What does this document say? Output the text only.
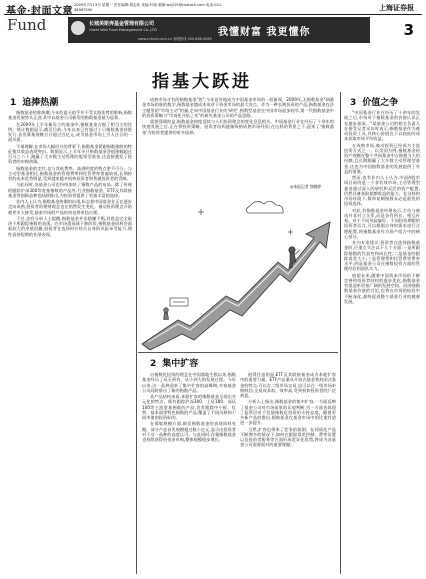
基金·封面文章
Fund
2009年7月13日 星期一 责任编辑:胡志松 美编:叶纯 邮箱:wq315@cnstock.com 电话:021-38967590	上海证券报
3
长城美斯奔基金管理有限公司
Great Wall Fund Management Co.,LTD	我懂财富 我更懂你
www.ccfund.com.cn 客服热线 400-666-0066
指基大跃进
1 追捧热潮

指数基金的称热潮,今年的夏天似乎并不受太阳炙烤的影响,指数基金发展势头正劲,其中以基金公司新发的指数基金最为显著。

在2009年上半年新设立的基金中,指数基金占据了相当大的比例。统计数据显示,截至目前,今年以来已有超过十只指数基金获批发行,首发募集规模合计超过百亿元,成为基金市场上引人注目的一道风景。

不难理解,在市场大幅回升的背景下,指数基金紧跟指数涨跌的特征使其收益表现突出。数据显示,上半年多只指数基金净值涨幅超过百分之六十,跑赢了大多数主动管理的股票型基金,这直接激发了投资者的申购热情。

指数基金的走红,也与其低费率、高透明度的特点密不可分。与主动型基金相比,指数基金的管理费率和托管费率普遍较低,长期持有的成本优势明显,受到越来越多机构投资者和普通投资者的青睐。

与此同时,各基金公司也纷纷加快了指数产品的布局。除了传统的跟踪沪深300等宽基指数的产品外,行业指数基金、ETF及其联接基金等创新品种也陆续推出,为投资者提供了更加丰富的选择。

业内人士认为,指数基金热潮的出现,标志着中国基金业正在逐步走向成熟,投资者的理财观念也在悄然发生变化。被动投资理念开始被更多人接受,基金市场的产品结构也将更趋合理。

不过,也有分析人士提醒,指数基金并非稳赚不赔,其收益完全取决于所跟踪指数的表现。在市场震荡或下跌阶段,指数基金同样会面临较大的净值回撤,投资者在选择时应结合自身的风险承受能力,理性看待短期的业绩表现。

成熟市场才有的指数基金"热",今年意外地成为中国基金市场的一桩新闻。2009年,无指数基金"网基金市场的谁的数学,指数基金越成本低对于资金市场的最大亮点。作为一种长期投资的产品,指数基金在法主题里的"市场主动"的量,走向中国基金行业的'研究',指数型基金在中国市场起步较早,第一代指数基金中的投资策略与"市场化开拓之年"的研究基金公司的产品思路。

需要强调的是,指数基金热度延续与人们投资理念的变化息息相关。中国基金行业在经历了十余年的快速发展之后,正在将投资策略、投资者结构逐渐吸纳成熟市场经验;在这样的背景之下,迎来了'指数基金'为投资者提供的更多选择。

◎本报记者 徐婉婷
2 集中扩容

自指数化投资的理念在中国落地生根以来,指数基金经历了从无到有、从小到大的发展过程。今年以来,这一品种迎来了集中扩容的高峰期,多家基金公司同时推出了新的指数产品。

从产品结构来看,本轮扩容的指数基金呈现出多元化的特点。既有跟踪沪深300、上证180、深证100等主流宽基指数的产品,也有跟踪中小板、红利、基本面等特色指数的产品,覆盖了不同风格和不同市值的投资标的。

在募集规模方面,新发指数基金的表现同样亮眼。部分产品首发规模超过数十亿元,显示出投资者对于这一品种的高度认可。与此同时,存量指数基金也持续获得资金净申购,整体规模稳步增长。

值得注意的是,ETF及其联接基金成为本轮扩容中的重要力量。ETF产品兼具开放式基金和封闭式基金的特点,可以在二级市场交易,也可以在一级市场申购赎回,交易成本低、效率高,受到机构投资者的广泛欢迎。

分析人士指出,指数基金的集中扩容,一方面反映了基金公司对市场前景的乐观判断,另一方面也体现了监管层对于发展指数化投资的支持态度。随着更多新产品的推出,指数基金在基金市场中的比重有望进一步提升。

当然,扩容也带来了竞争的加剧。在同质化产品不断增多的情况下,如何在跟踪误差控制、费率设置以及投资者服务等方面形成差异化优势,将成为各基金公司需要面对的重要课题。

3 价值之争

"中国基金行业在经历了十余年的发展之后,市场对于指数基金的价值认识正在逐步加深。"某基金公司的相关负责人在接受记者采访时表示,指数基金作为被动投资工具,其核心价值在于以较低的成本获取市场平均收益。

在成熟市场,被动投资已经成为主流投资方式之一。以美国为例,指数基金的资产规模在整个共同基金中占据相当大的份额,且长期跑赢了大多数主动管理型基金,这也为中国指数基金的发展提供了有益的借鉴。

然而,也有业内人士认为,中国A股市场目前仍是一个非有效市场,主动管理型基金通过深入的研究和灵活的资产配置,仍然具备获取超额收益的能力。在这样的市场环境下,简单复制指数未必是最优的投资选择。

对此,有指数基金经理表示,主动与被动并非对立关系,而是各有所长、相互补充。对于不同风险偏好、不同投资期限的投资者而言,可以根据自身的需求进行合理配置,将指数基金作为资产组合中的核心部分。

业内专家建议,投资者在选择指数基金时,应重点关注以下几个方面:一是所跟踪指数的代表性和成长性;二是基金的跟踪误差大小;三是管理费和托管费等费率水平;四是基金公司在指数投资方面的管理经验和团队实力。

展望未来,随着中国资本市场的不断完善和投资者结构的逐步优化,指数基金有望迎来更加广阔的发展空间。而围绕指数基金价值的讨论,也将在市场的检验中不断深化,最终促进整个基金行业的健康发展。
